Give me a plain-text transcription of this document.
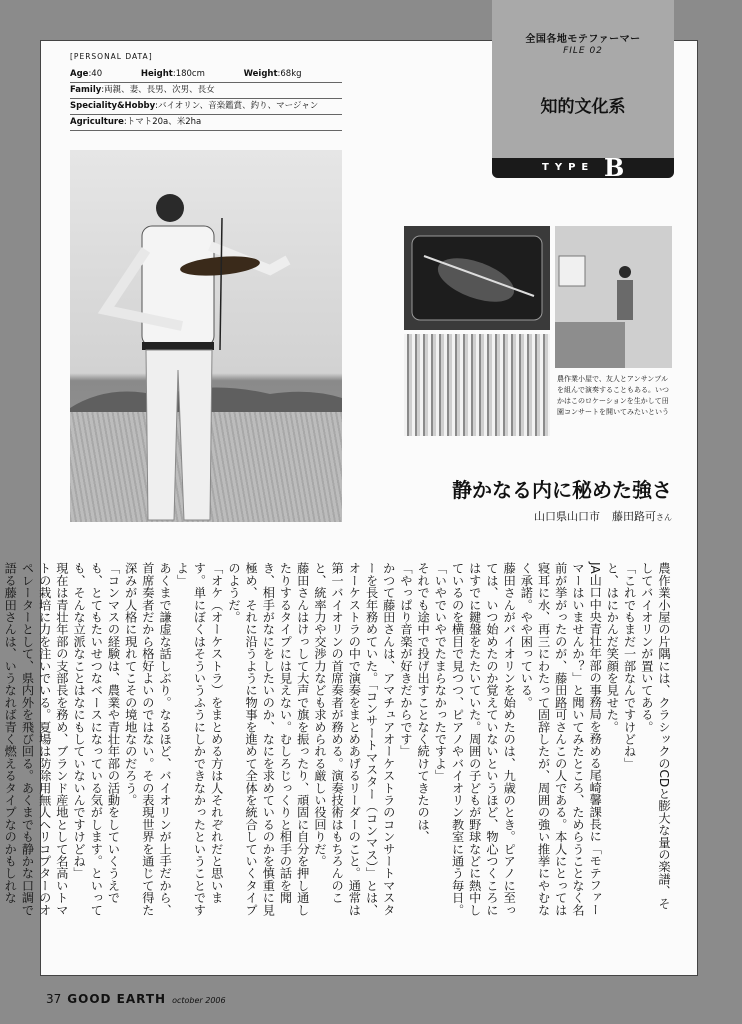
全国各地モテファーマー
FILE 02
知的文化系
TYPE B
[PERSONAL DATA]
Age:40	Height:180cm	Weight:68kg
Family:両親、妻、長男、次男、長女
Speciality&Hobby:バイオリン、音楽鑑賞、釣り、マージャン
Agriculture:トマト20a、米2ha
農作業小屋で、友人とアンサンブルを組んで演奏することもある。いつかはこのロケーションを生かして田園コンサートを開いてみたいという
静かなる内に秘めた強さ
山口県山口市 藤田路可さん

農作業小屋の片隅には、クラシックのCDと膨大な量の楽譜、そしてバイオリンが置いてある。

「これでもまだ一部なんですけどね」

と、はにかんだ笑顔を見せた。

JA山口中央青壮年部の事務局を務める尾崎馨課長に「モテファーマーはいませんか？」と聞いてみたところ、ためらうことなく名前が挙がったのが、藤田路可さんこの人である。本人にとっては寝耳に水、再三にわたって固辞したが、周囲の強い推挙にやむなく承諾。やや困っている。

藤田さんがバイオリンを始めたのは、九歳のとき。ピアノに至っては、いつ始めたのか覚えていないというほど、物心つくころにはすでに鍵盤をたたいていた。周囲の子どもが野球などに熱中しているのを横目で見つつ、ピアノやバイオリン教室に通う毎日。「いやでいやでたまらなかったですよ」

それでも途中で投げ出すことなく続けてきたのは、

「やっぱり音楽が好きだからです」

かつて藤田さんは、アマチュアオーケストラのコンサートマスターを長年務めていた。「コンサートマスター（コンマス）」とは、オーケストラの中で演奏をまとめあげるリーダーのこと。通常は第一バイオリンの首席奏者が務める。演奏技術はもちろんのこと、統率力や交渉力なども求められる厳しい役回りだ。

藤田さんはけっして大声で旗を振ったり、頑固に自分を押し通したりするタイプには見えない。むしろじっくりと相手の話を聞き、相手がなにをしたいのか、なにを求めているのかを慎重に見極め、それに沿うように物事を進めて全体を統合していくタイプのようだ。

「オケ（オーケストラ）をまとめる方は人それぞれだと思います。単にぼくはそういうふうにしかできなかったということですよ」

あくまで謙虚な話しぶり。なるほど、バイオリンが上手だから、首席奏者だから格好よいのではない。その表現世界を通じて得た深みが人格に現れてこその境地なのだろう。

「コンマスの経験は、農業や青壮年部の活動をしていくうえでも、とてもたいせつなベースになっている気がします。といっても、そんな立派なことはなにもしていないんですけどね」

現在は青壮年部の支部長を務め、ブランド産地として名高いトマトの栽培に力を注いでいる。夏場は防除用無人ヘリコプターのオペレーターとして、県内外を飛び回る。あくまでも静かな口調で語る藤田さんは、いうなれば青く燃えるタイプなのかもしれな

37 GOOD EARTH october 2006
